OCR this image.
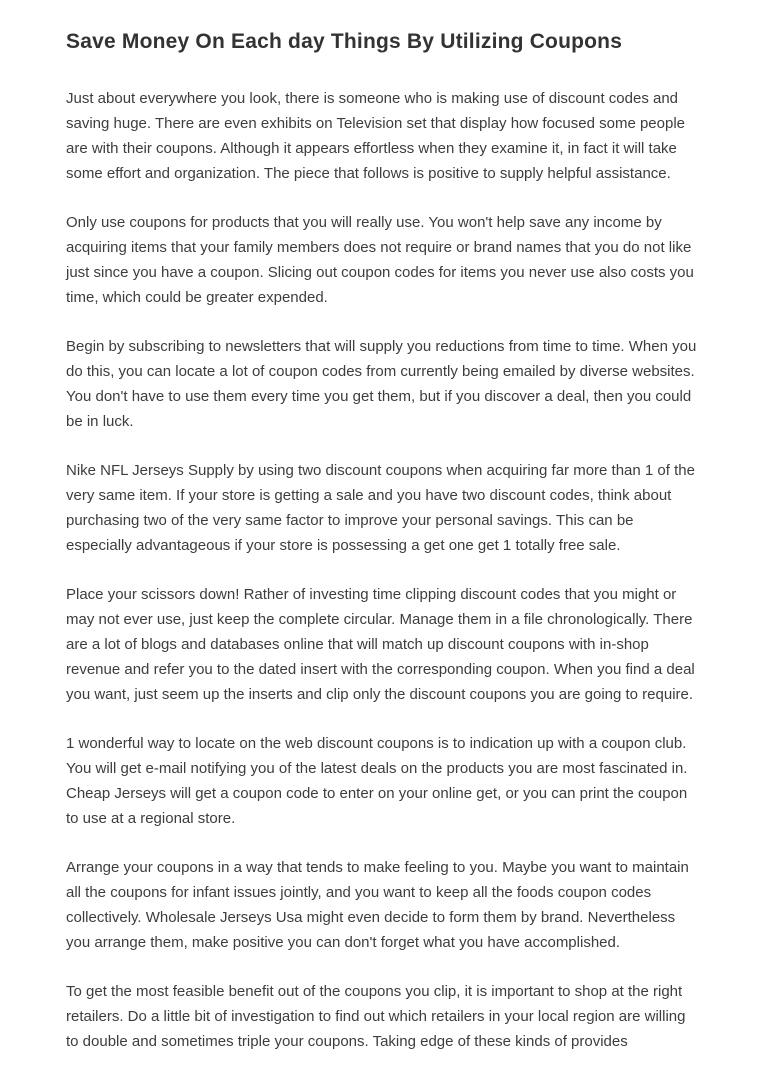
Save Money On Each day Things By Utilizing Coupons

Just about everywhere you look, there is someone who is making use of discount codes and saving huge. There are even exhibits on Television set that display how focused some people are with their coupons. Although it appears effortless when they examine it, in fact it will take some effort and organization. The piece that follows is positive to supply helpful assistance.

Only use coupons for products that you will really use. You won't help save any income by acquiring items that your family members does not require or brand names that you do not like just since you have a coupon. Slicing out coupon codes for items you never use also costs you time, which could be greater expended.

Begin by subscribing to newsletters that will supply you reductions from time to time. When you do this, you can locate a lot of coupon codes from currently being emailed by diverse websites. You don't have to use them every time you get them, but if you discover a deal, then you could be in luck.

Nike NFL Jerseys Supply by using two discount coupons when acquiring far more than 1 of the very same item. If your store is getting a sale and you have two discount codes, think about purchasing two of the very same factor to improve your personal savings. This can be especially advantageous if your store is possessing a get one get 1 totally free sale.

Place your scissors down! Rather of investing time clipping discount codes that you might or may not ever use, just keep the complete circular. Manage them in a file chronologically. There are a lot of blogs and databases online that will match up discount coupons with in-shop revenue and refer you to the dated insert with the corresponding coupon. When you find a deal you want, just seem up the inserts and clip only the discount coupons you are going to require.

1 wonderful way to locate on the web discount coupons is to indication up with a coupon club. You will get e-mail notifying you of the latest deals on the products you are most fascinated in. Cheap Jerseys will get a coupon code to enter on your online get, or you can print the coupon to use at a regional store.

Arrange your coupons in a way that tends to make feeling to you. Maybe you want to maintain all the coupons for infant issues jointly, and you want to keep all the foods coupon codes collectively. Wholesale Jerseys Usa might even decide to form them by brand. Nevertheless you arrange them, make positive you can don't forget what you have accomplished.

To get the most feasible benefit out of the coupons you clip, it is important to shop at the right retailers. Do a little bit of investigation to find out which retailers in your local region are willing to double and sometimes triple your coupons. Taking edge of these kinds of provides
